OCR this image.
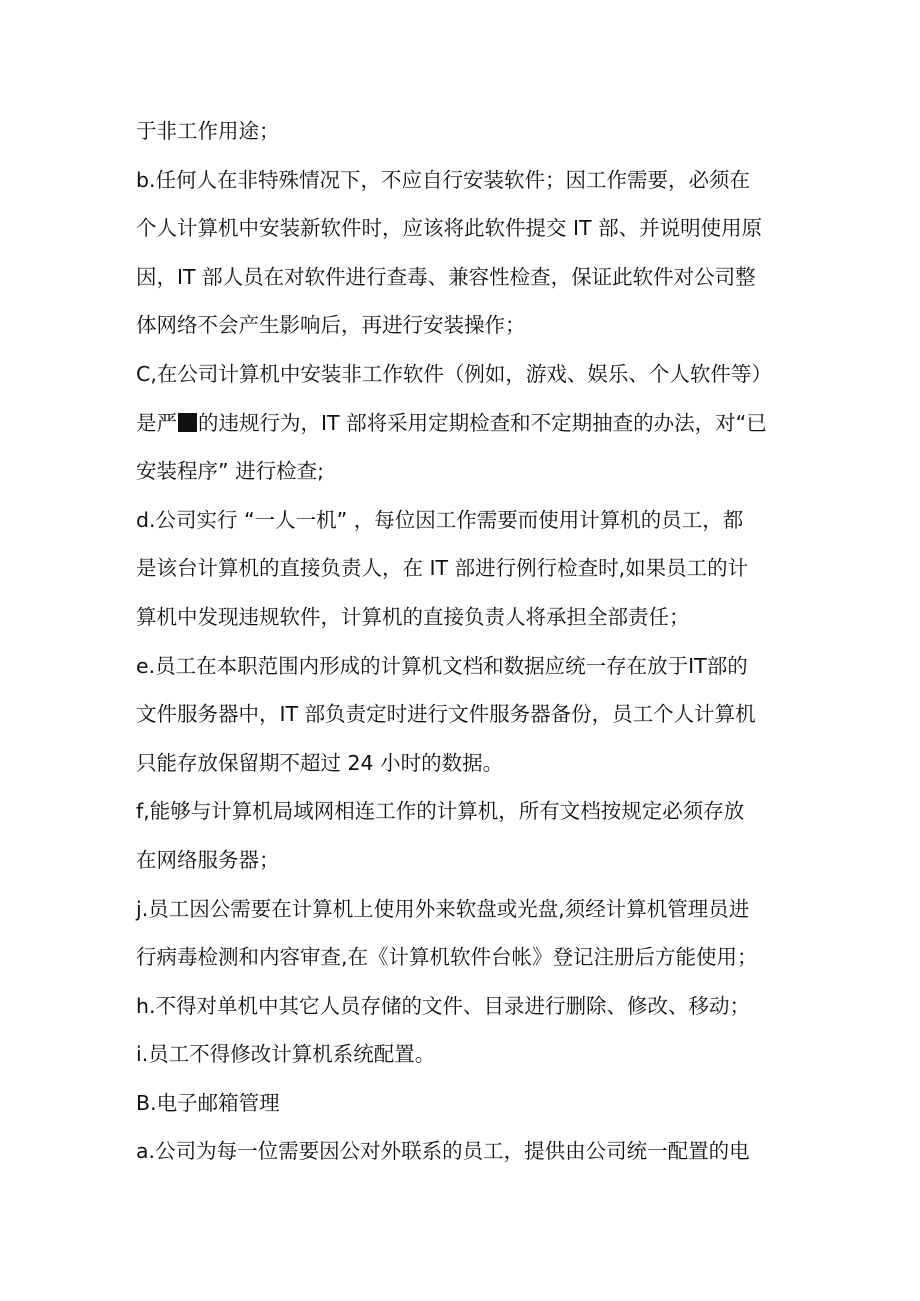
于非工作用途；
b.任何人在非特殊情况下，不应自行安装软件；因工作需要，必须在
个人计算机中安装新软件时，应该将此软件提交 IT 部、并说明使用原
因，IT 部人员在对软件进行查毒、兼容性检查，保证此软件对公司整
体网络不会产生影响后，再进行安装操作；
C,在公司计算机中安装非工作软件（例如，游戏、娱乐、个人软件等）
是严 的违规行为，IT 部将采用定期检查和不定期抽查的办法，对“已
安装程序” 进行检查;
d.公司实行 “一人一机” ，每位因工作需要而使用计算机的员工，都
是该台计算机的直接负责人，在 IT 部进行例行检查时,如果员工的计
算机中发现违规软件，计算机的直接负责人将承担全部责任；
e.员工在本职范围内形成的计算机文档和数据应统一存在放于IT部的
文件服务器中，IT 部负责定时进行文件服务器备份，员工个人计算机
只能存放保留期不超过 24 小时的数据。
f,能够与计算机局域网相连工作的计算机，所有文档按规定必须存放
在网络服务器；
j.员工因公需要在计算机上使用外来软盘或光盘,须经计算机管理员进
行病毒检测和内容审查,在《计算机软件台帐》登记注册后方能使用；
h.不得对单机中其它人员存储的文件、目录进行删除、修改、移动；
i.员工不得修改计算机系统配置。
B.电子邮箱管理
a.公司为每一位需要因公对外联系的员工，提供由公司统一配置的电
